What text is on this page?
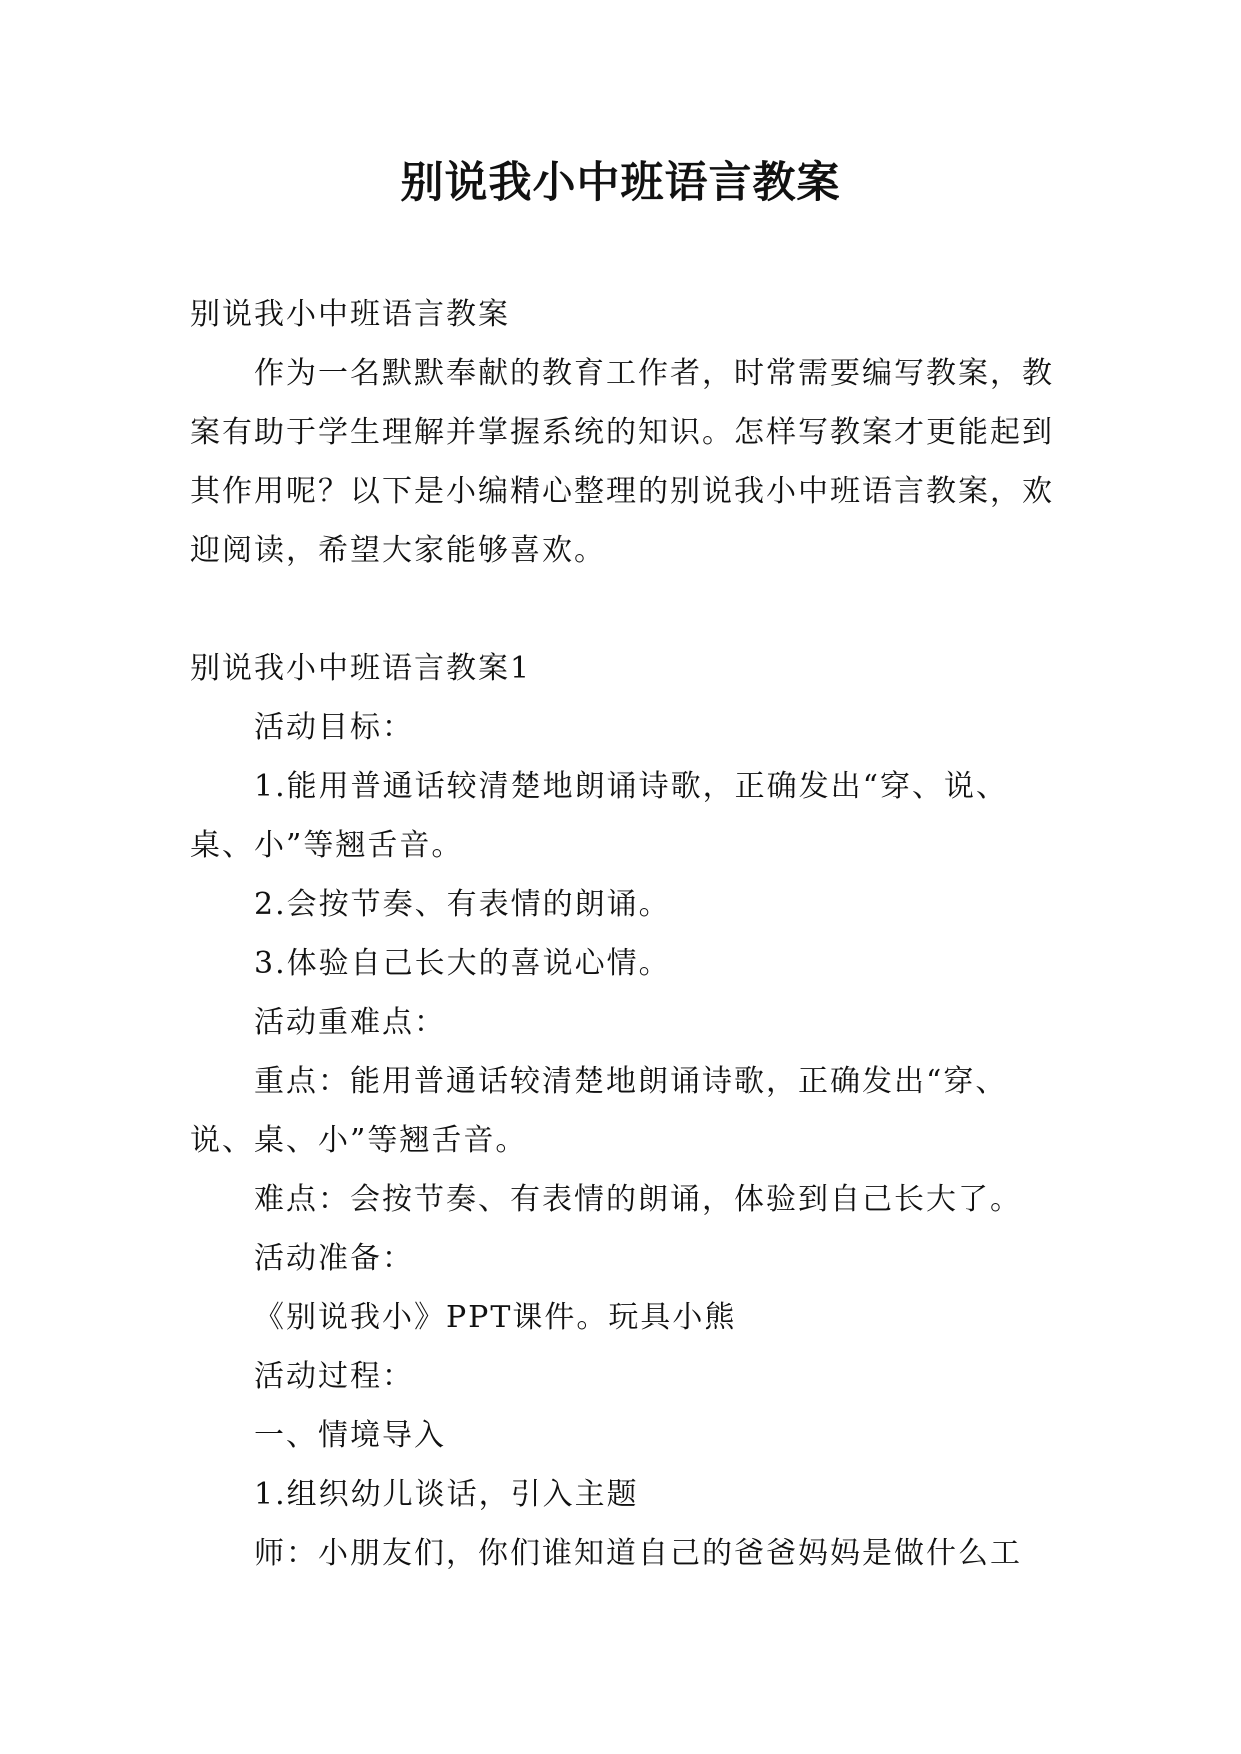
别说我小中班语言教案

别说我小中班语言教案

作为一名默默奉献的教育工作者，时常需要编写教案，教案有助于学生理解并掌握系统的知识。怎样写教案才更能起到其作用呢？以下是小编精心整理的别说我小中班语言教案，欢迎阅读，希望大家能够喜欢。

别说我小中班语言教案1

活动目标：

1.能用普通话较清楚地朗诵诗歌，正确发出“穿、说、桌、小”等翘舌音。

2.会按节奏、有表情的朗诵。

3.体验自己长大的喜说心情。

活动重难点：

重点：能用普通话较清楚地朗诵诗歌，正确发出“穿、说、桌、小”等翘舌音。

难点：会按节奏、有表情的朗诵，体验到自己长大了。

活动准备：

《别说我小》PPT课件。玩具小熊

活动过程：

一、情境导入

1.组织幼儿谈话，引入主题

师：小朋友们，你们谁知道自己的爸爸妈妈是做什么工
